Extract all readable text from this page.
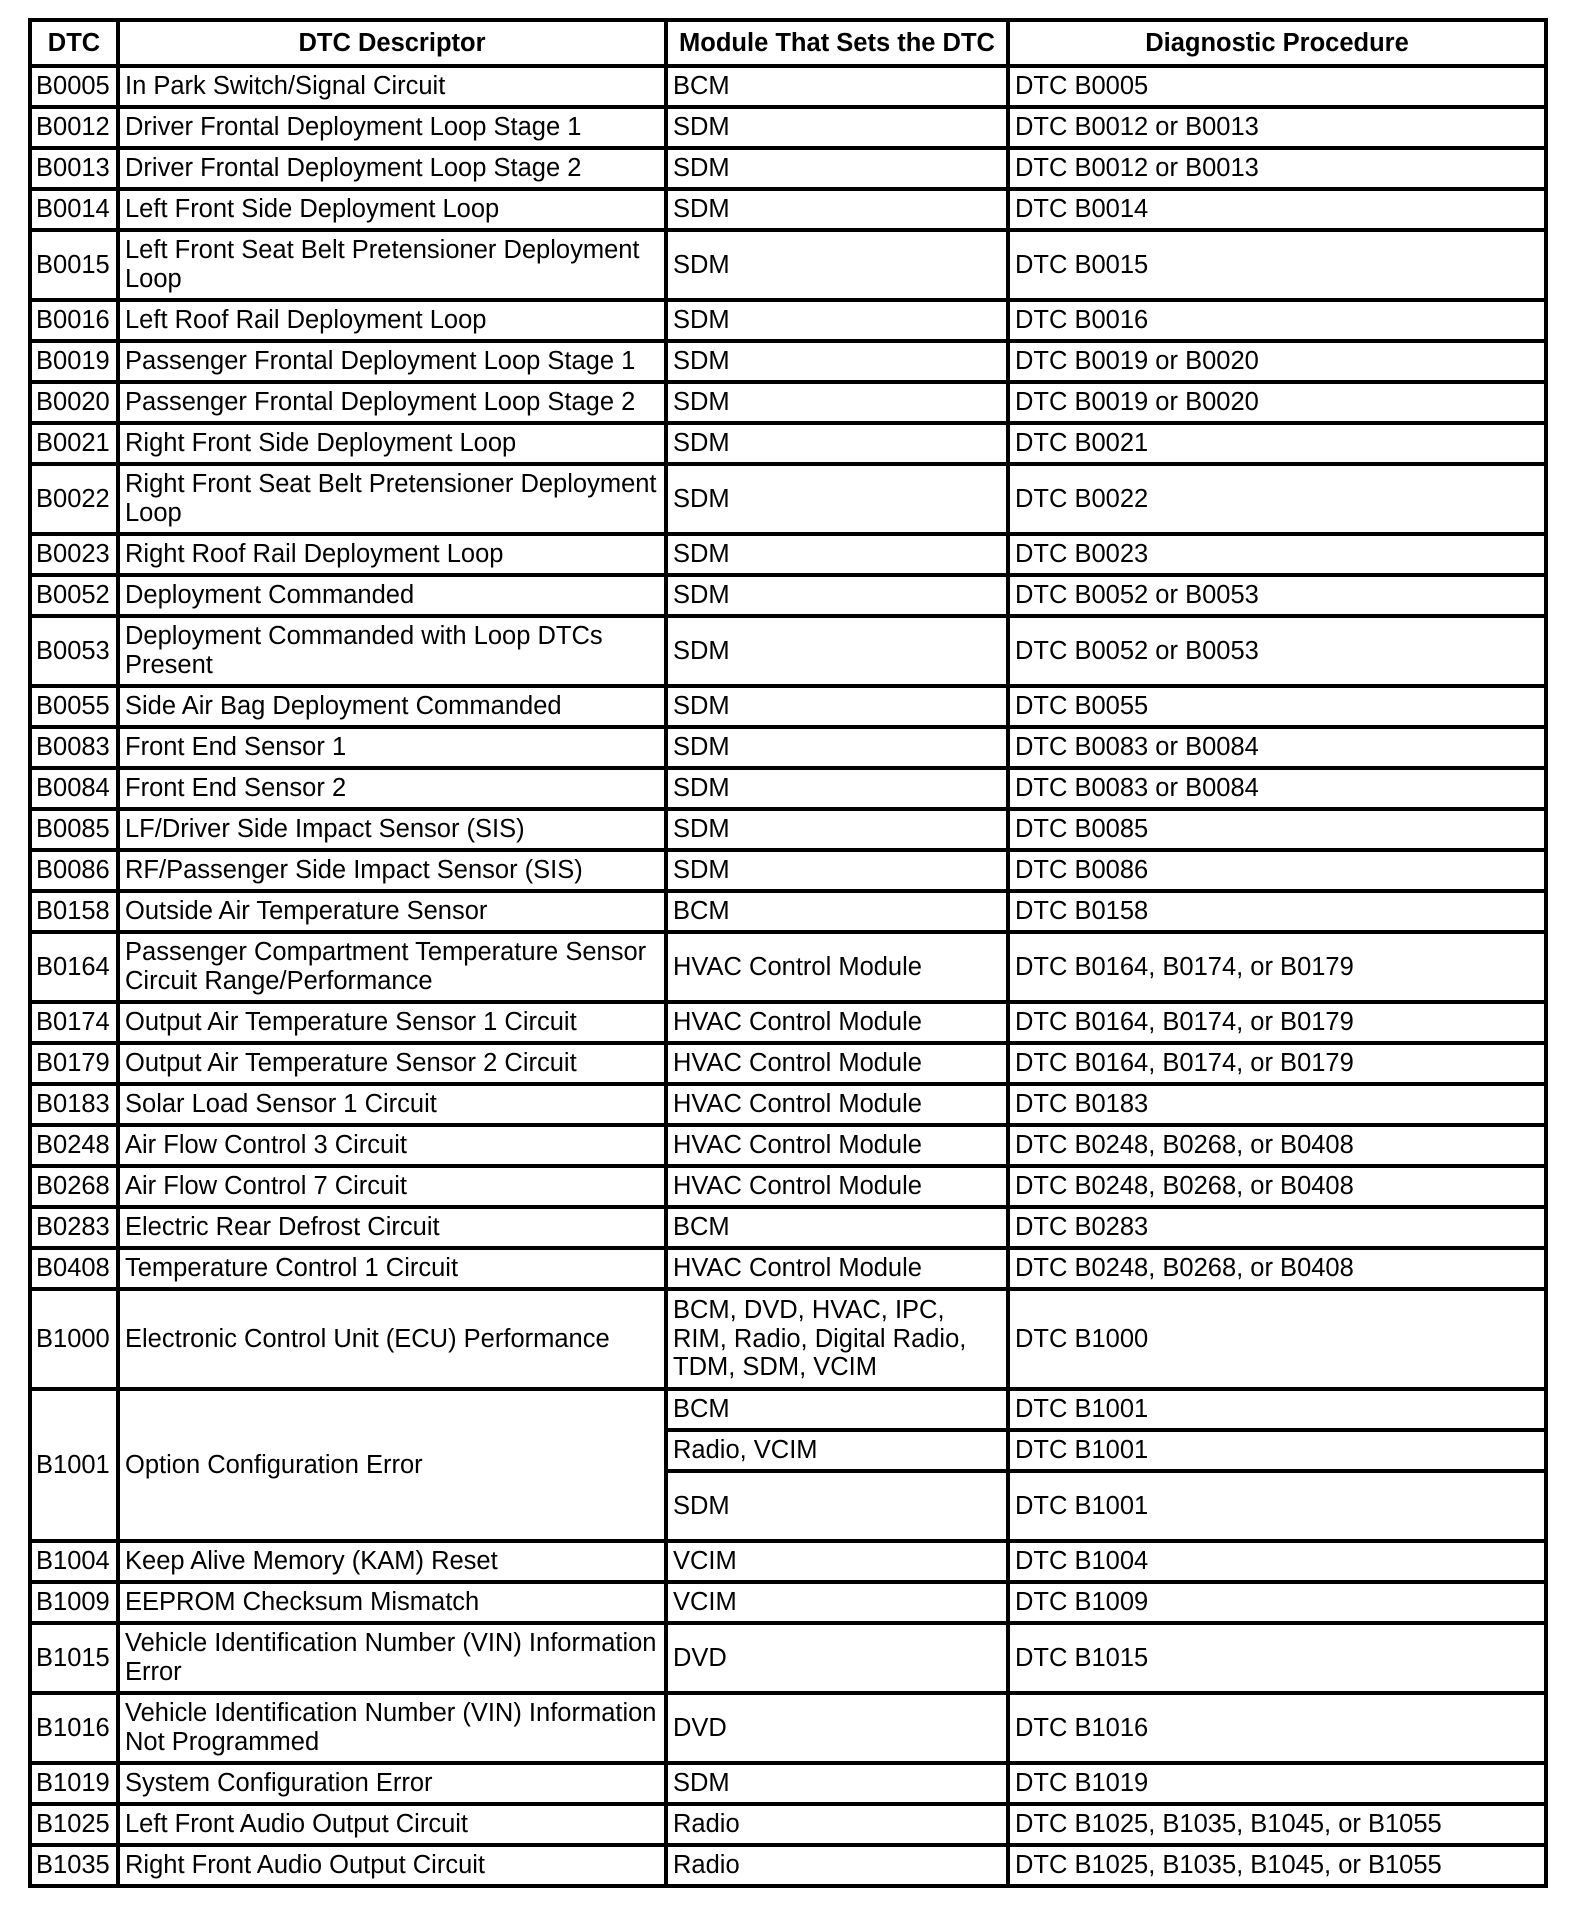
DTC	DTC Descriptor	Module That Sets the DTC	Diagnostic Procedure
B0005	In Park Switch/Signal Circuit	BCM	DTC B0005
B0012	Driver Frontal Deployment Loop Stage 1	SDM	DTC B0012 or B0013
B0013	Driver Frontal Deployment Loop Stage 2	SDM	DTC B0012 or B0013
B0014	Left Front Side Deployment Loop	SDM	DTC B0014
B0015	Left Front Seat Belt Pretensioner Deployment Loop	SDM	DTC B0015
B0016	Left Roof Rail Deployment Loop	SDM	DTC B0016
B0019	Passenger Frontal Deployment Loop Stage 1	SDM	DTC B0019 or B0020
B0020	Passenger Frontal Deployment Loop Stage 2	SDM	DTC B0019 or B0020
B0021	Right Front Side Deployment Loop	SDM	DTC B0021
B0022	Right Front Seat Belt Pretensioner Deployment Loop	SDM	DTC B0022
B0023	Right Roof Rail Deployment Loop	SDM	DTC B0023
B0052	Deployment Commanded	SDM	DTC B0052 or B0053
B0053	Deployment Commanded with Loop DTCs Present	SDM	DTC B0052 or B0053
B0055	Side Air Bag Deployment Commanded	SDM	DTC B0055
B0083	Front End Sensor 1	SDM	DTC B0083 or B0084
B0084	Front End Sensor 2	SDM	DTC B0083 or B0084
B0085	LF/Driver Side Impact Sensor (SIS)	SDM	DTC B0085
B0086	RF/Passenger Side Impact Sensor (SIS)	SDM	DTC B0086
B0158	Outside Air Temperature Sensor	BCM	DTC B0158
B0164	Passenger Compartment Temperature Sensor Circuit Range/Performance	HVAC Control Module	DTC B0164, B0174, or B0179
B0174	Output Air Temperature Sensor 1 Circuit	HVAC Control Module	DTC B0164, B0174, or B0179
B0179	Output Air Temperature Sensor 2 Circuit	HVAC Control Module	DTC B0164, B0174, or B0179
B0183	Solar Load Sensor 1 Circuit	HVAC Control Module	DTC B0183
B0248	Air Flow Control 3 Circuit	HVAC Control Module	DTC B0248, B0268, or B0408
B0268	Air Flow Control 7 Circuit	HVAC Control Module	DTC B0248, B0268, or B0408
B0283	Electric Rear Defrost Circuit	BCM	DTC B0283
B0408	Temperature Control 1 Circuit	HVAC Control Module	DTC B0248, B0268, or B0408
B1000	Electronic Control Unit (ECU) Performance	BCM, DVD, HVAC, IPC, RIM, Radio, Digital Radio, TDM, SDM, VCIM	DTC B1000
B1001	Option Configuration Error	BCM	DTC B1001
		Radio, VCIM	DTC B1001
		SDM	DTC B1001
B1004	Keep Alive Memory (KAM) Reset	VCIM	DTC B1004
B1009	EEPROM Checksum Mismatch	VCIM	DTC B1009
B1015	Vehicle Identification Number (VIN) Information Error	DVD	DTC B1015
B1016	Vehicle Identification Number (VIN) Information Not Programmed	DVD	DTC B1016
B1019	System Configuration Error	SDM	DTC B1019
B1025	Left Front Audio Output Circuit	Radio	DTC B1025, B1035, B1045, or B1055
B1035	Right Front Audio Output Circuit	Radio	DTC B1025, B1035, B1045, or B1055
